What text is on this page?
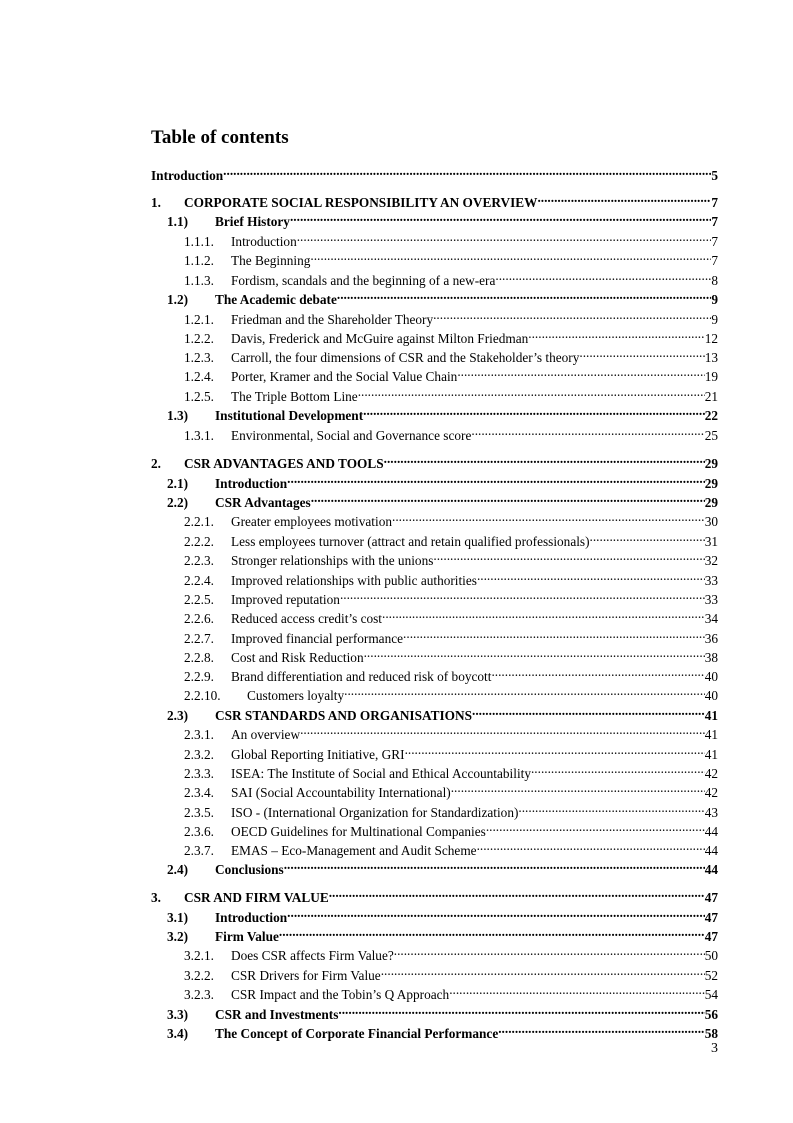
Table of contents
Introduction .....	5
1.	CORPORATE SOCIAL RESPONSIBILITY AN OVERVIEW .....	7
1.1)	Brief History .....	7
1.1.1.	Introduction .....	7
1.1.2.	The Beginning .....	7
1.1.3.	Fordism, scandals and the beginning of a new-era .....	8
1.2)	The Academic debate .....	9
1.2.1.	Friedman and the Shareholder Theory .....	9
1.2.2.	Davis, Frederick and McGuire against Milton Friedman .....	12
1.2.3.	Carroll, the four dimensions of CSR and the Stakeholder’s theory .....	13
1.2.4.	Porter, Kramer and the Social Value Chain .....	19
1.2.5.	The Triple Bottom Line .....	21
1.3)	Institutional Development .....	22
1.3.1.	Environmental, Social and Governance score .....	25
2.	CSR ADVANTAGES AND TOOLS .....	29
2.1)	Introduction .....	29
2.2)	CSR Advantages .....	29
2.2.1.	Greater employees motivation .....	30
2.2.2.	Less employees turnover (attract and retain qualified professionals) .....	31
2.2.3.	Stronger relationships with the unions .....	32
2.2.4.	Improved relationships with public authorities .....	33
2.2.5.	Improved reputation .....	33
2.2.6.	Reduced access credit’s cost .....	34
2.2.7.	Improved financial performance .....	36
2.2.8.	Cost and Risk Reduction .....	38
2.2.9.	Brand differentiation and reduced risk of boycott .....	40
2.2.10.	Customers loyalty .....	40
2.3)	CSR STANDARDS AND ORGANISATIONS .....	41
2.3.1.	An overview .....	41
2.3.2.	Global Reporting Initiative, GRI .....	41
2.3.3.	ISEA: The Institute of Social and Ethical Accountability .....	42
2.3.4.	SAI (Social Accountability International) .....	42
2.3.5.	ISO - (International Organization for Standardization) .....	43
2.3.6.	OECD Guidelines for Multinational Companies .....	44
2.3.7.	EMAS – Eco-Management and Audit Scheme .....	44
2.4)	Conclusions .....	44
3.	CSR AND FIRM VALUE .....	47
3.1)	Introduction .....	47
3.2)	Firm Value .....	47
3.2.1.	Does CSR affects Firm Value? .....	50
3.2.2.	CSR Drivers for Firm Value .....	52
3.2.3.	CSR Impact and the Tobin’s Q Approach .....	54
3.3)	CSR and Investments .....	56
3.4)	The Concept of Corporate Financial Performance .....	58
3
